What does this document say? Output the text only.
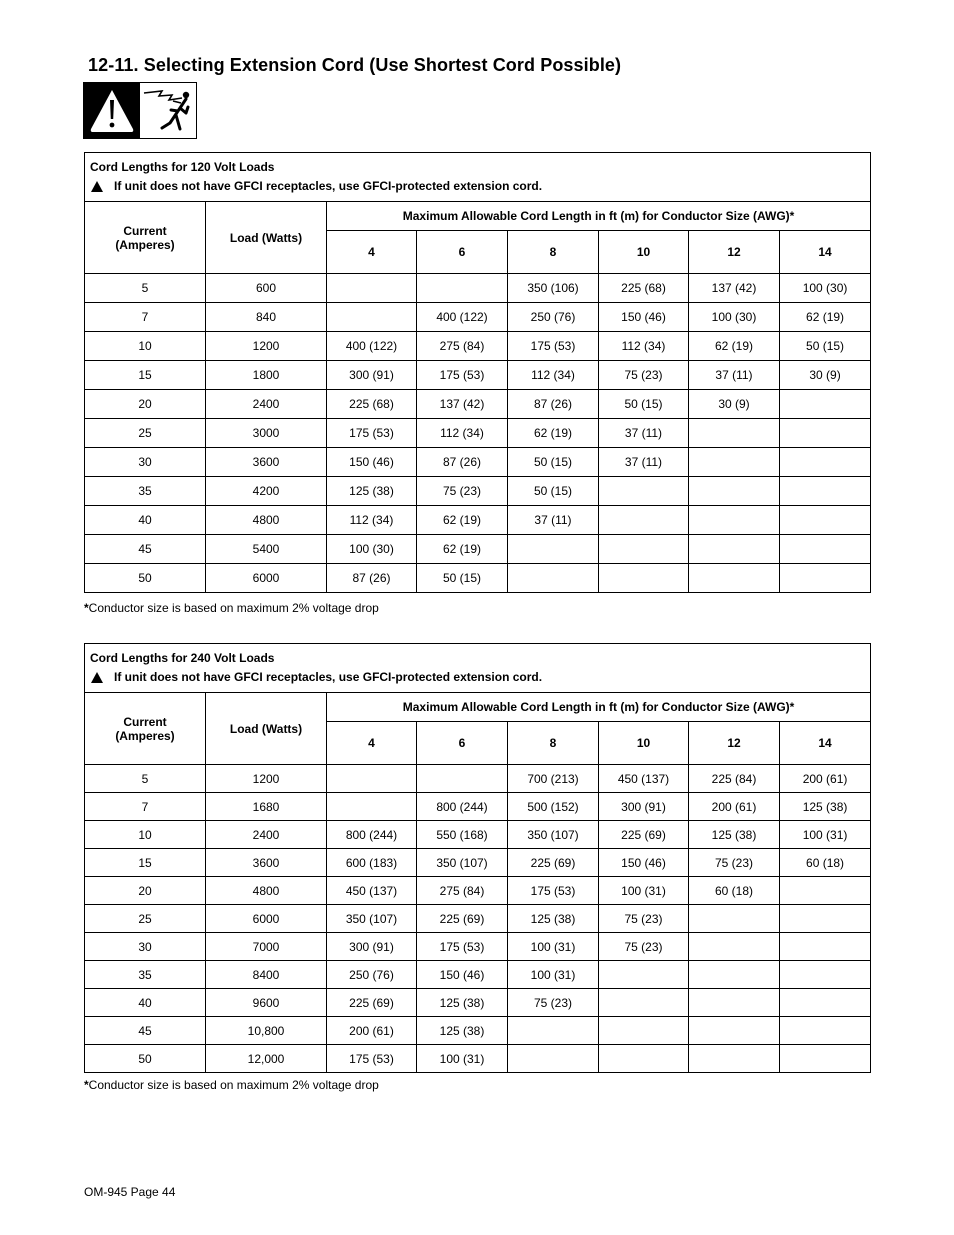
12-11. Selecting Extension Cord (Use Shortest Cord Possible)
Cord Lengths for 120 Volt Loads
If unit does not have GFCI receptacles, use GFCI-protected extension cord.							

Current
(Amperes)	Load (Watts)	Maximum Allowable Cord Length in ft (m) for Conductor Size (AWG)*					
		4	6	8	10	12	14
5	600			350 (106)	225 (68)	137 (42)	100 (30)
7	840		400 (122)	250 (76)	150 (46)	100 (30)	62 (19)
10	1200	400 (122)	275 (84)	175 (53)	112 (34)	62 (19)	50 (15)
15	1800	300 (91)	175 (53)	112 (34)	75 (23)	37 (11)	30 (9)
20	2400	225 (68)	137 (42)	87 (26)	50 (15)	30 (9)	
25	3000	175 (53)	112 (34)	62 (19)	37 (11)		
30	3600	150 (46)	87 (26)	50 (15)	37 (11)		
35	4200	125 (38)	75 (23)	50 (15)			
40	4800	112 (34)	62 (19)	37 (11)			
45	5400	100 (30)	62 (19)				
50	6000	87 (26)	50 (15)				

*Conductor size is based on maximum 2% voltage drop

Cord Lengths for 240 Volt Loads
If unit does not have GFCI receptacles, use GFCI-protected extension cord.							

Current
(Amperes)	Load (Watts)	Maximum Allowable Cord Length in ft (m) for Conductor Size (AWG)*					
		4	6	8	10	12	14
5	1200			700 (213)	450 (137)	225 (84)	200 (61)
7	1680		800 (244)	500 (152)	300 (91)	200 (61)	125 (38)
10	2400	800 (244)	550 (168)	350 (107)	225 (69)	125 (38)	100 (31)
15	3600	600 (183)	350 (107)	225 (69)	150 (46)	75 (23)	60 (18)
20	4800	450 (137)	275 (84)	175 (53)	100 (31)	60 (18)	
25	6000	350 (107)	225 (69)	125 (38)	75 (23)		
30	7000	300 (91)	175 (53)	100 (31)	75 (23)		
35	8400	250 (76)	150 (46)	100 (31)			
40	9600	225 (69)	125 (38)	75 (23)			
45	10,800	200 (61)	125 (38)				
50	12,000	175 (53)	100 (31)				

*Conductor size is based on maximum 2% voltage drop

OM-945 Page 44
